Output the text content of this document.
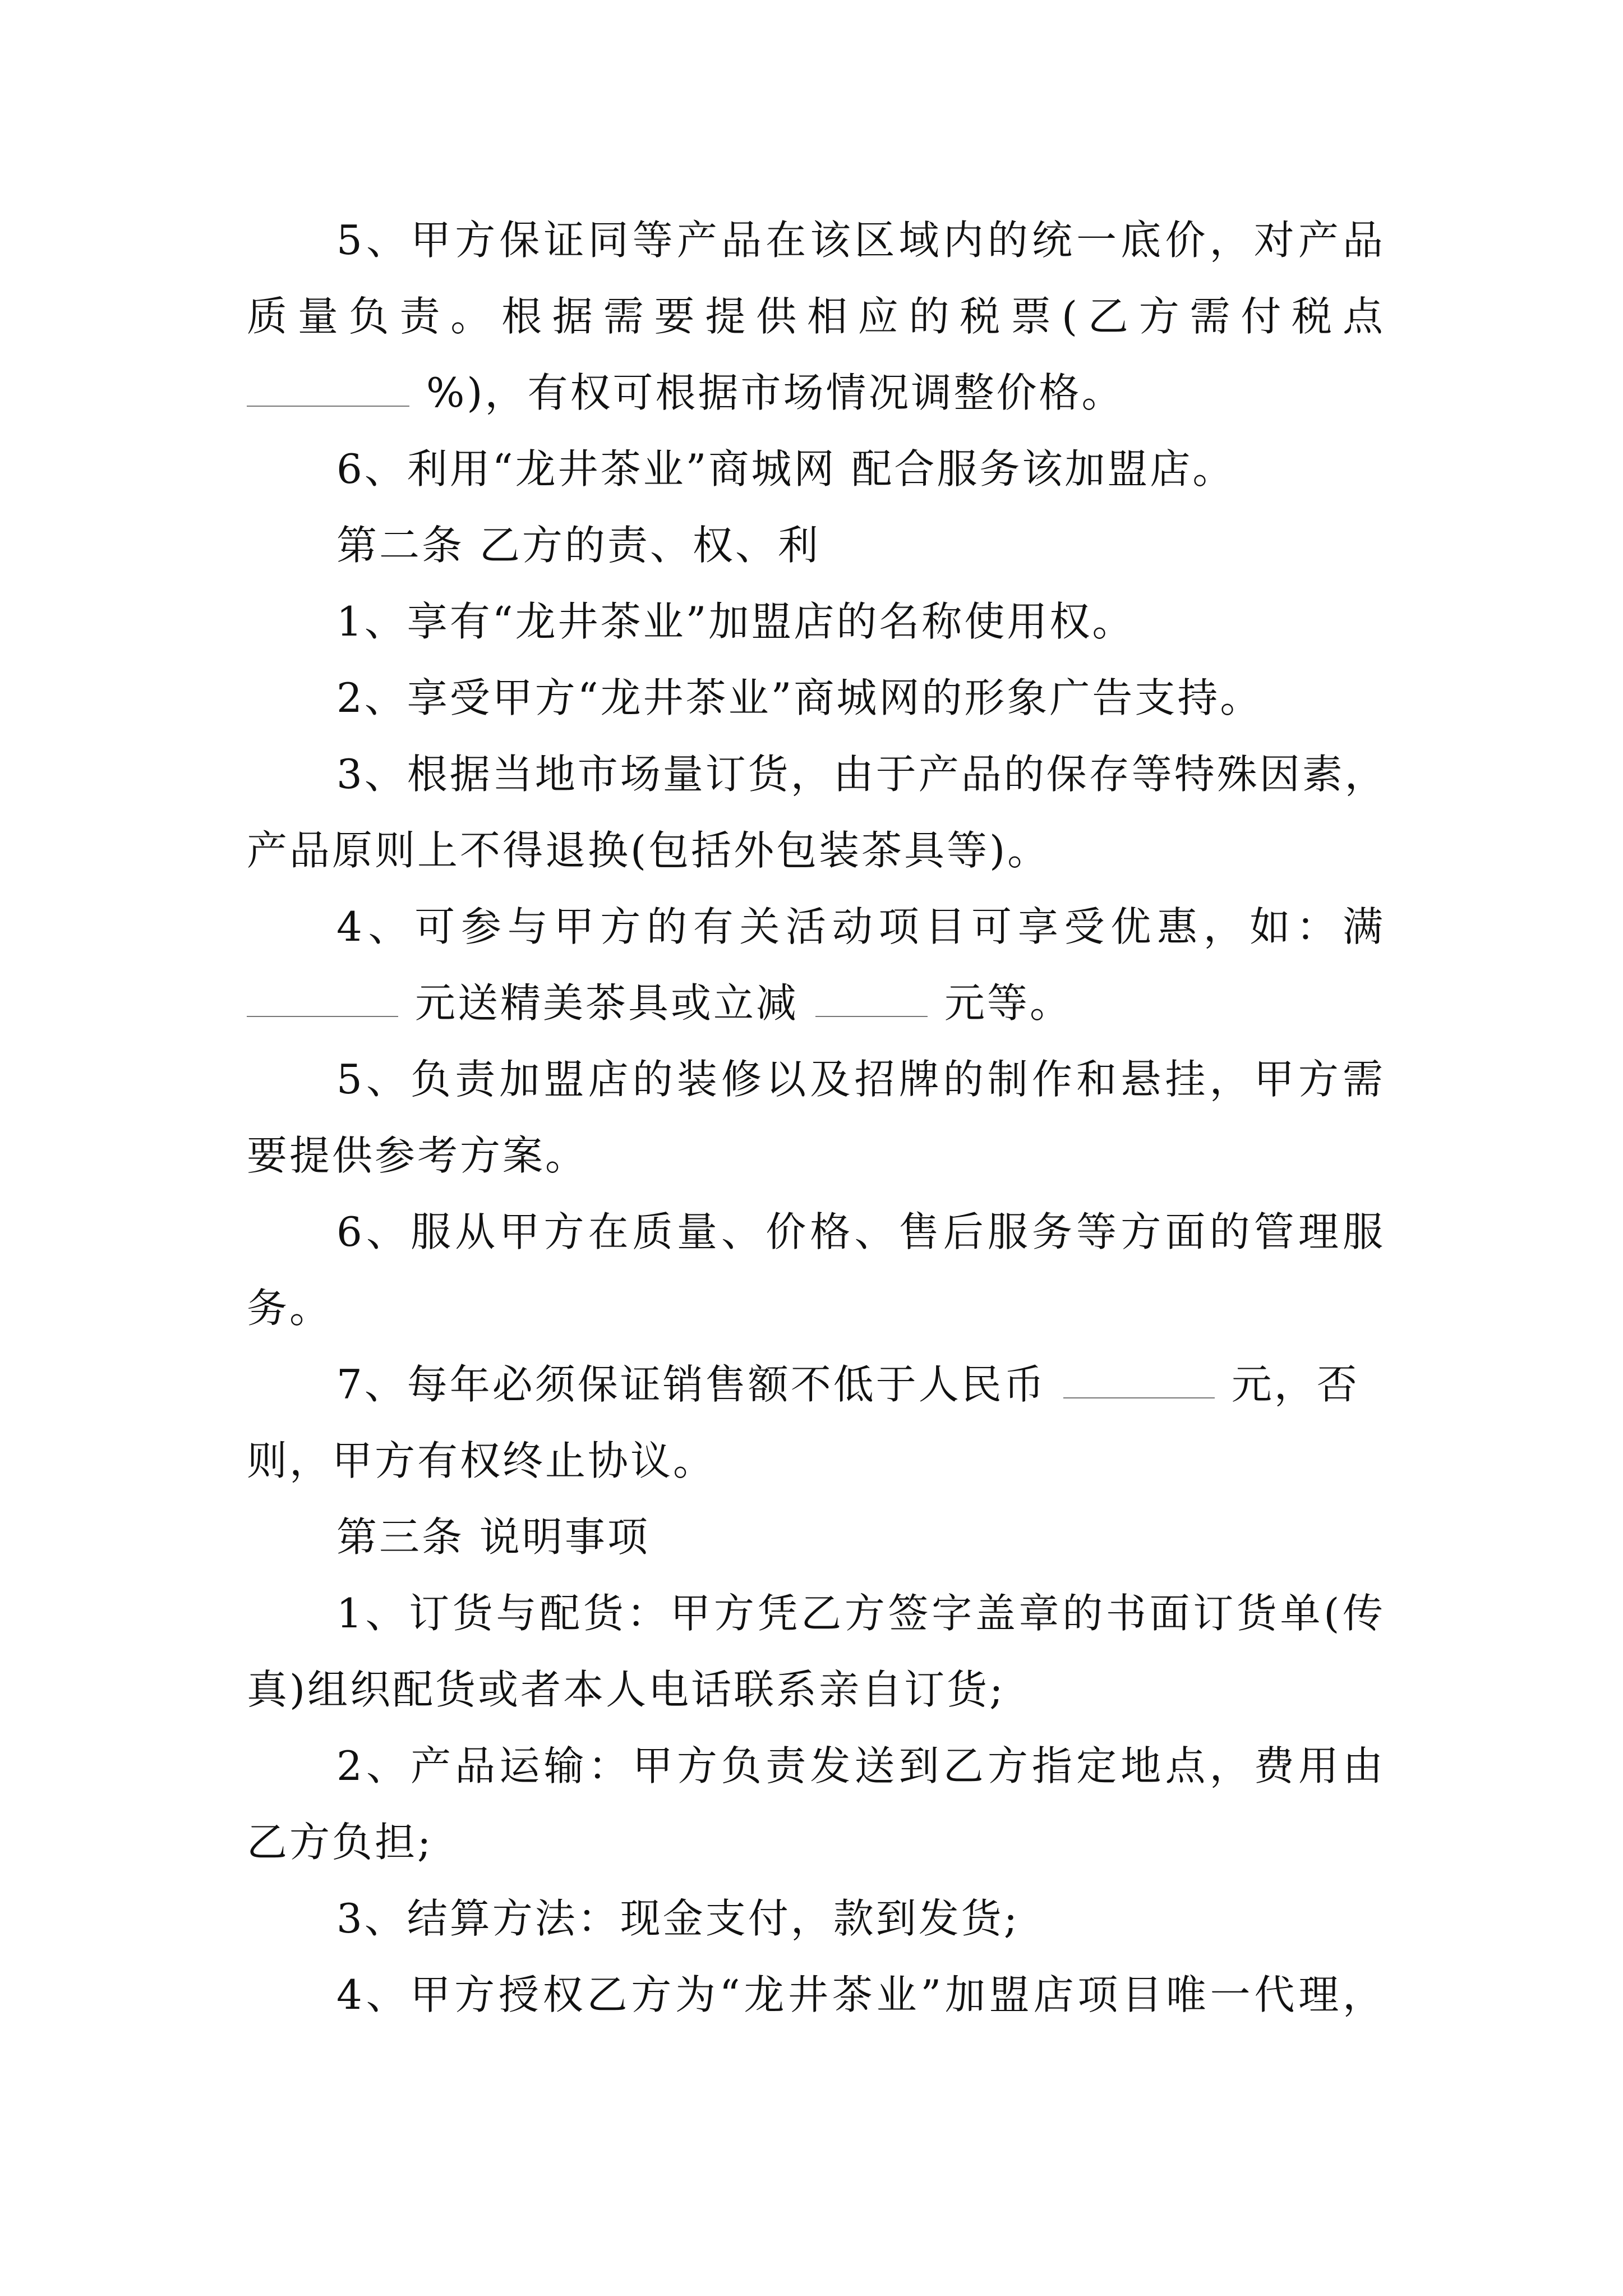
5、甲方保证同等产品在该区域内的统一底价，对产品
质量负责。根据需要提供相应的税票(乙方需付税点
%)，有权可根据市场情况调整价格。
6、利用“龙井茶业”商城网 配合服务该加盟店。
第二条 乙方的责、权、利
1、享有“龙井茶业”加盟店的名称使用权。
2、享受甲方“龙井茶业”商城网的形象广告支持。
3、根据当地市场量订货，由于产品的保存等特殊因素，
产品原则上不得退换(包括外包装茶具等)。
4、可参与甲方的有关活动项目可享受优惠，如：满
元送精美茶具或立减	元等。
5、负责加盟店的装修以及招牌的制作和悬挂，甲方需
要提供参考方案。
6、服从甲方在质量、价格、售后服务等方面的管理服
务。
7、每年必须保证销售额不低于人民币	元，否
则，甲方有权终止协议。
第三条 说明事项
1、订货与配货：甲方凭乙方签字盖章的书面订货单(传
真)组织配货或者本人电话联系亲自订货;
2、产品运输：甲方负责发送到乙方指定地点，费用由
乙方负担;
3、结算方法：现金支付，款到发货;
4、甲方授权乙方为“龙井茶业”加盟店项目唯一代理，
